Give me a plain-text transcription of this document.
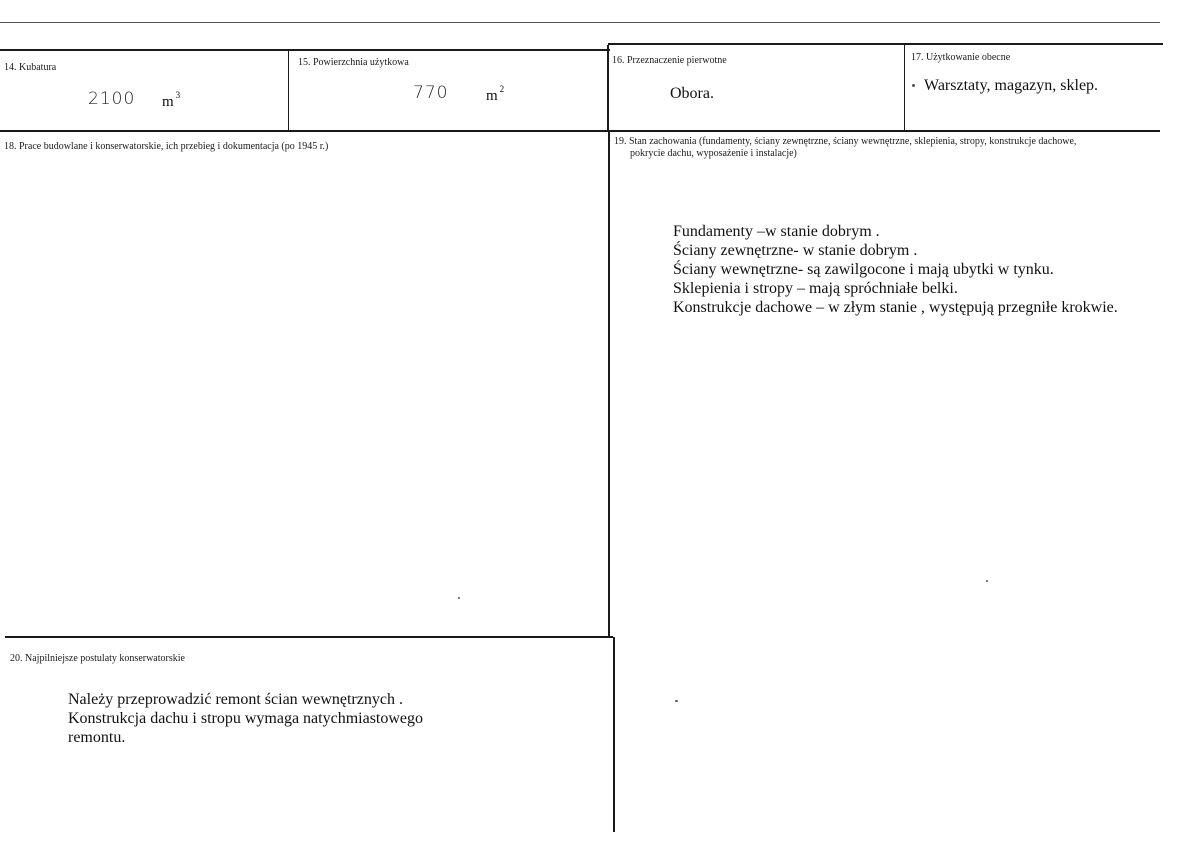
14. Kubatura
2100 m $^3$
15. Powierzchnia użytkowa
770	m $^2$
16. Przeznaczenie pierwotne
Obora.
17. Użytkowanie obecne
Warsztaty, magazyn, sklep.
18. Prace budowlane i konserwatorskie, ich przebieg i dokumentacja (po 1945 r.)	19. Stan zachowania (fundamenty, ściany zewnętrzne, ściany wewnętrzne, sklepienia, stropy, konstrukcje dachowe,
pokrycie dachu, wyposażenie i instalacje)
Fundamenty –w stanie dobrym .
Ściany zewnętrzne- w stanie dobrym .
Ściany wewnętrzne- są zawilgocone i mają ubytki w tynku.
Sklepienia i stropy – mają spróchniałe belki.
Konstrukcje dachowe – w złym stanie , występują przegniłe krokwie.
20. Najpilniejsze postulaty konserwatorskie
Należy przeprowadzić remont ścian wewnętrznych .
Konstrukcja dachu i stropu wymaga natychmiastowego
remontu.
